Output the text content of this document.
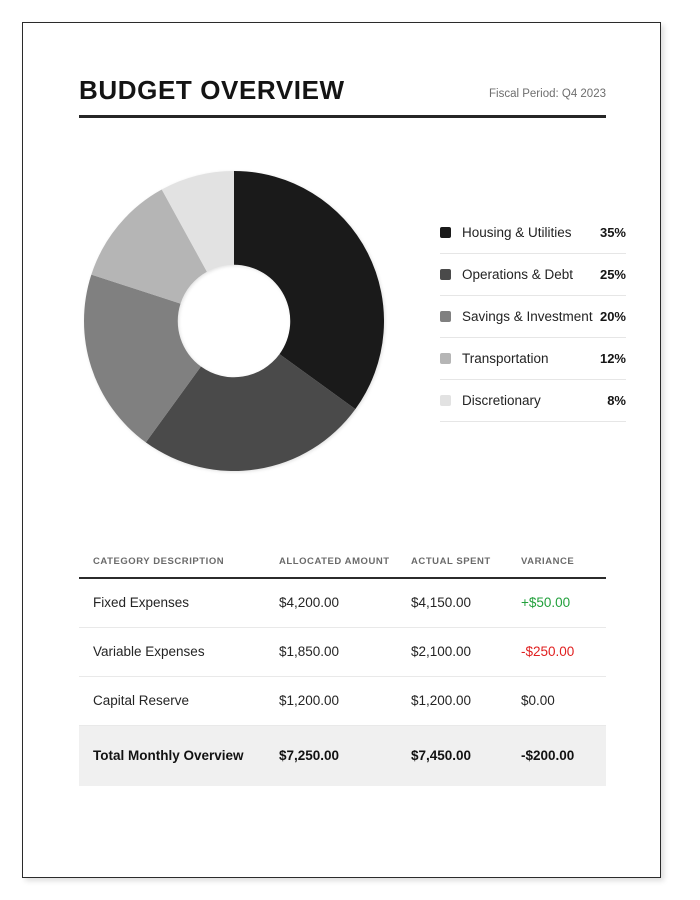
BUDGET OVERVIEW	Fiscal Period: Q4 2023
Housing & Utilities	35%
Operations & Debt	25%
Savings & Investment 20%
Transportation	12%
Discretionary	8%
CATEGORY DESCRIPTION	ALLOCATED AMOUNT	ACTUAL SPENT	VARIANCE
Fixed Expenses	$4,200.00	$4,150.00	+$50.00
Variable Expenses	$1,850.00	$2,100.00	-$250.00
Capital Reserve	$1,200.00	$1,200.00	$0.00
Total Monthly Overview	$7,250.00	$7,450.00	-$200.00
